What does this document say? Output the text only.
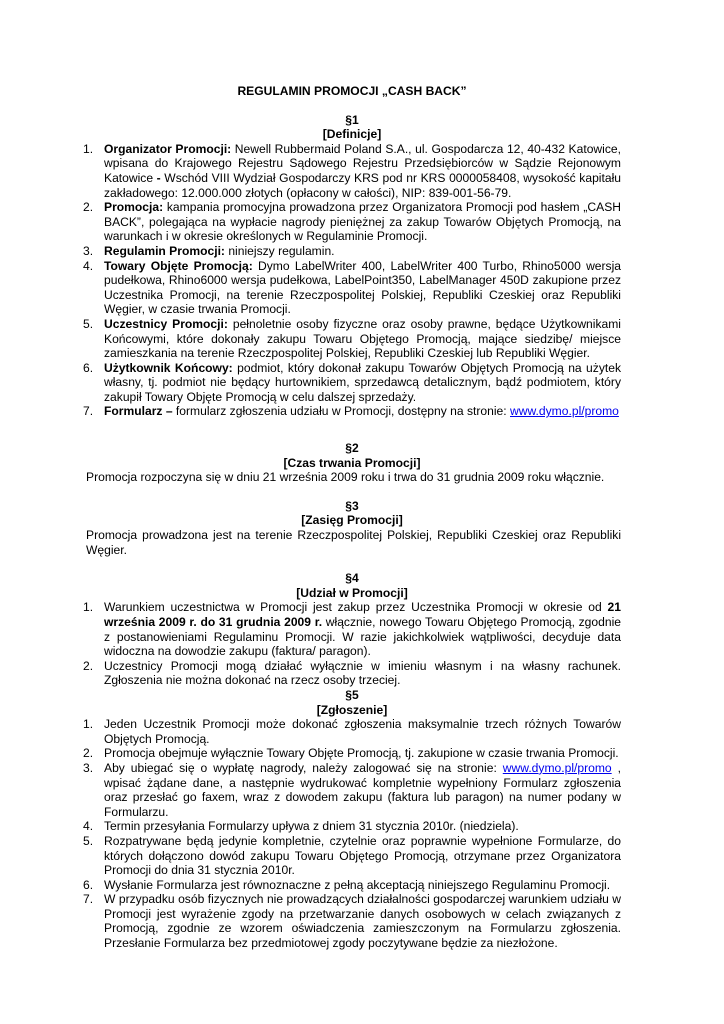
REGULAMIN PROMOCJI „CASH BACK”

§1

[Definicje]

1. Organizator Promocji: Newell Rubbermaid Poland S.A., ul. Gospodarcza 12, 40-432 Katowice, wpisana do Krajowego Rejestru Sądowego Rejestru Przedsiębiorców w Sądzie Rejonowym Katowice - Wschód VIII Wydział Gospodarczy KRS pod nr KRS 0000058408, wysokość kapitału zakładowego: 12.000.000 złotych (opłacony w całości), NIP: 839-001-56-79.
2. Promocja: kampania promocyjna prowadzona przez Organizatora Promocji pod hasłem „CASH BACK”, polegająca na wypłacie nagrody pieniężnej za zakup Towarów Objętych Promocją, na warunkach i w okresie określonych w Regulaminie Promocji.
3. Regulamin Promocji: niniejszy regulamin.
4. Towary Objęte Promocją: Dymo LabelWriter 400, LabelWriter 400 Turbo, Rhino5000 wersja pudełkowa, Rhino6000 wersja pudełkowa, LabelPoint350, LabelManager 450D zakupione przez Uczestnika Promocji, na terenie Rzeczpospolitej Polskiej, Republiki Czeskiej oraz Republiki Węgier, w czasie trwania Promocji.
5. Uczestnicy Promocji: pełnoletnie osoby fizyczne oraz osoby prawne, będące Użytkownikami Końcowymi, które dokonały zakupu Towaru Objętego Promocją, mające siedzibę/ miejsce zamieszkania na terenie Rzeczpospolitej Polskiej, Republiki Czeskiej lub Republiki Węgier.
6. Użytkownik Końcowy: podmiot, który dokonał zakupu Towarów Objętych Promocją na użytek własny, tj. podmiot nie będący hurtownikiem, sprzedawcą detalicznym, bądź podmiotem, który zakupił Towary Objęte Promocją w celu dalszej sprzedaży.
7. Formularz – formularz zgłoszenia udziału w Promocji, dostępny na stronie: www.dymo.pl/promo

§2

[Czas trwania Promocji]

Promocja rozpoczyna się w dniu 21 września 2009 roku i trwa do 31 grudnia 2009 roku włącznie.

§3

[Zasięg Promocji]

Promocja prowadzona jest na terenie Rzeczpospolitej Polskiej, Republiki Czeskiej oraz Republiki Węgier.

§4

[Udział w Promocji]

1. Warunkiem uczestnictwa w Promocji jest zakup przez Uczestnika Promocji w okresie od 21 września 2009 r. do 31 grudnia 2009 r. włącznie, nowego Towaru Objętego Promocją, zgodnie z postanowieniami Regulaminu Promocji. W razie jakichkolwiek wątpliwości, decyduje data widoczna na dowodzie zakupu (faktura/ paragon).
2. Uczestnicy Promocji mogą działać wyłącznie w imieniu własnym i na własny rachunek. Zgłoszenia nie można dokonać na rzecz osoby trzeciej.

§5

[Zgłoszenie]

1. Jeden Uczestnik Promocji może dokonać zgłoszenia maksymalnie trzech różnych Towarów Objętych Promocją.
2. Promocja obejmuje wyłącznie Towary Objęte Promocją, tj. zakupione w czasie trwania Promocji.
3. Aby ubiegać się o wypłatę nagrody, należy zalogować się na stronie: www.dymo.pl/promo , wpisać żądane dane, a następnie wydrukować kompletnie wypełniony Formularz zgłoszenia oraz przesłać go faxem, wraz z dowodem zakupu (faktura lub paragon) na numer podany w Formularzu.
4. Termin przesyłania Formularzy upływa z dniem 31 stycznia 2010r. (niedziela).
5. Rozpatrywane będą jedynie kompletnie, czytelnie oraz poprawnie wypełnione Formularze, do których dołączono dowód zakupu Towaru Objętego Promocją, otrzymane przez Organizatora Promocji do dnia 31 stycznia 2010r.
6. Wysłanie Formularza jest równoznaczne z pełną akceptacją niniejszego Regulaminu Promocji.
7. W przypadku osób fizycznych nie prowadzących działalności gospodarczej warunkiem udziału w Promocji jest wyrażenie zgody na przetwarzanie danych osobowych w celach związanych z Promocją, zgodnie ze wzorem oświadczenia zamieszczonym na Formularzu zgłoszenia. Przesłanie Formularza bez przedmiotowej zgody poczytywane będzie za niezłożone.
